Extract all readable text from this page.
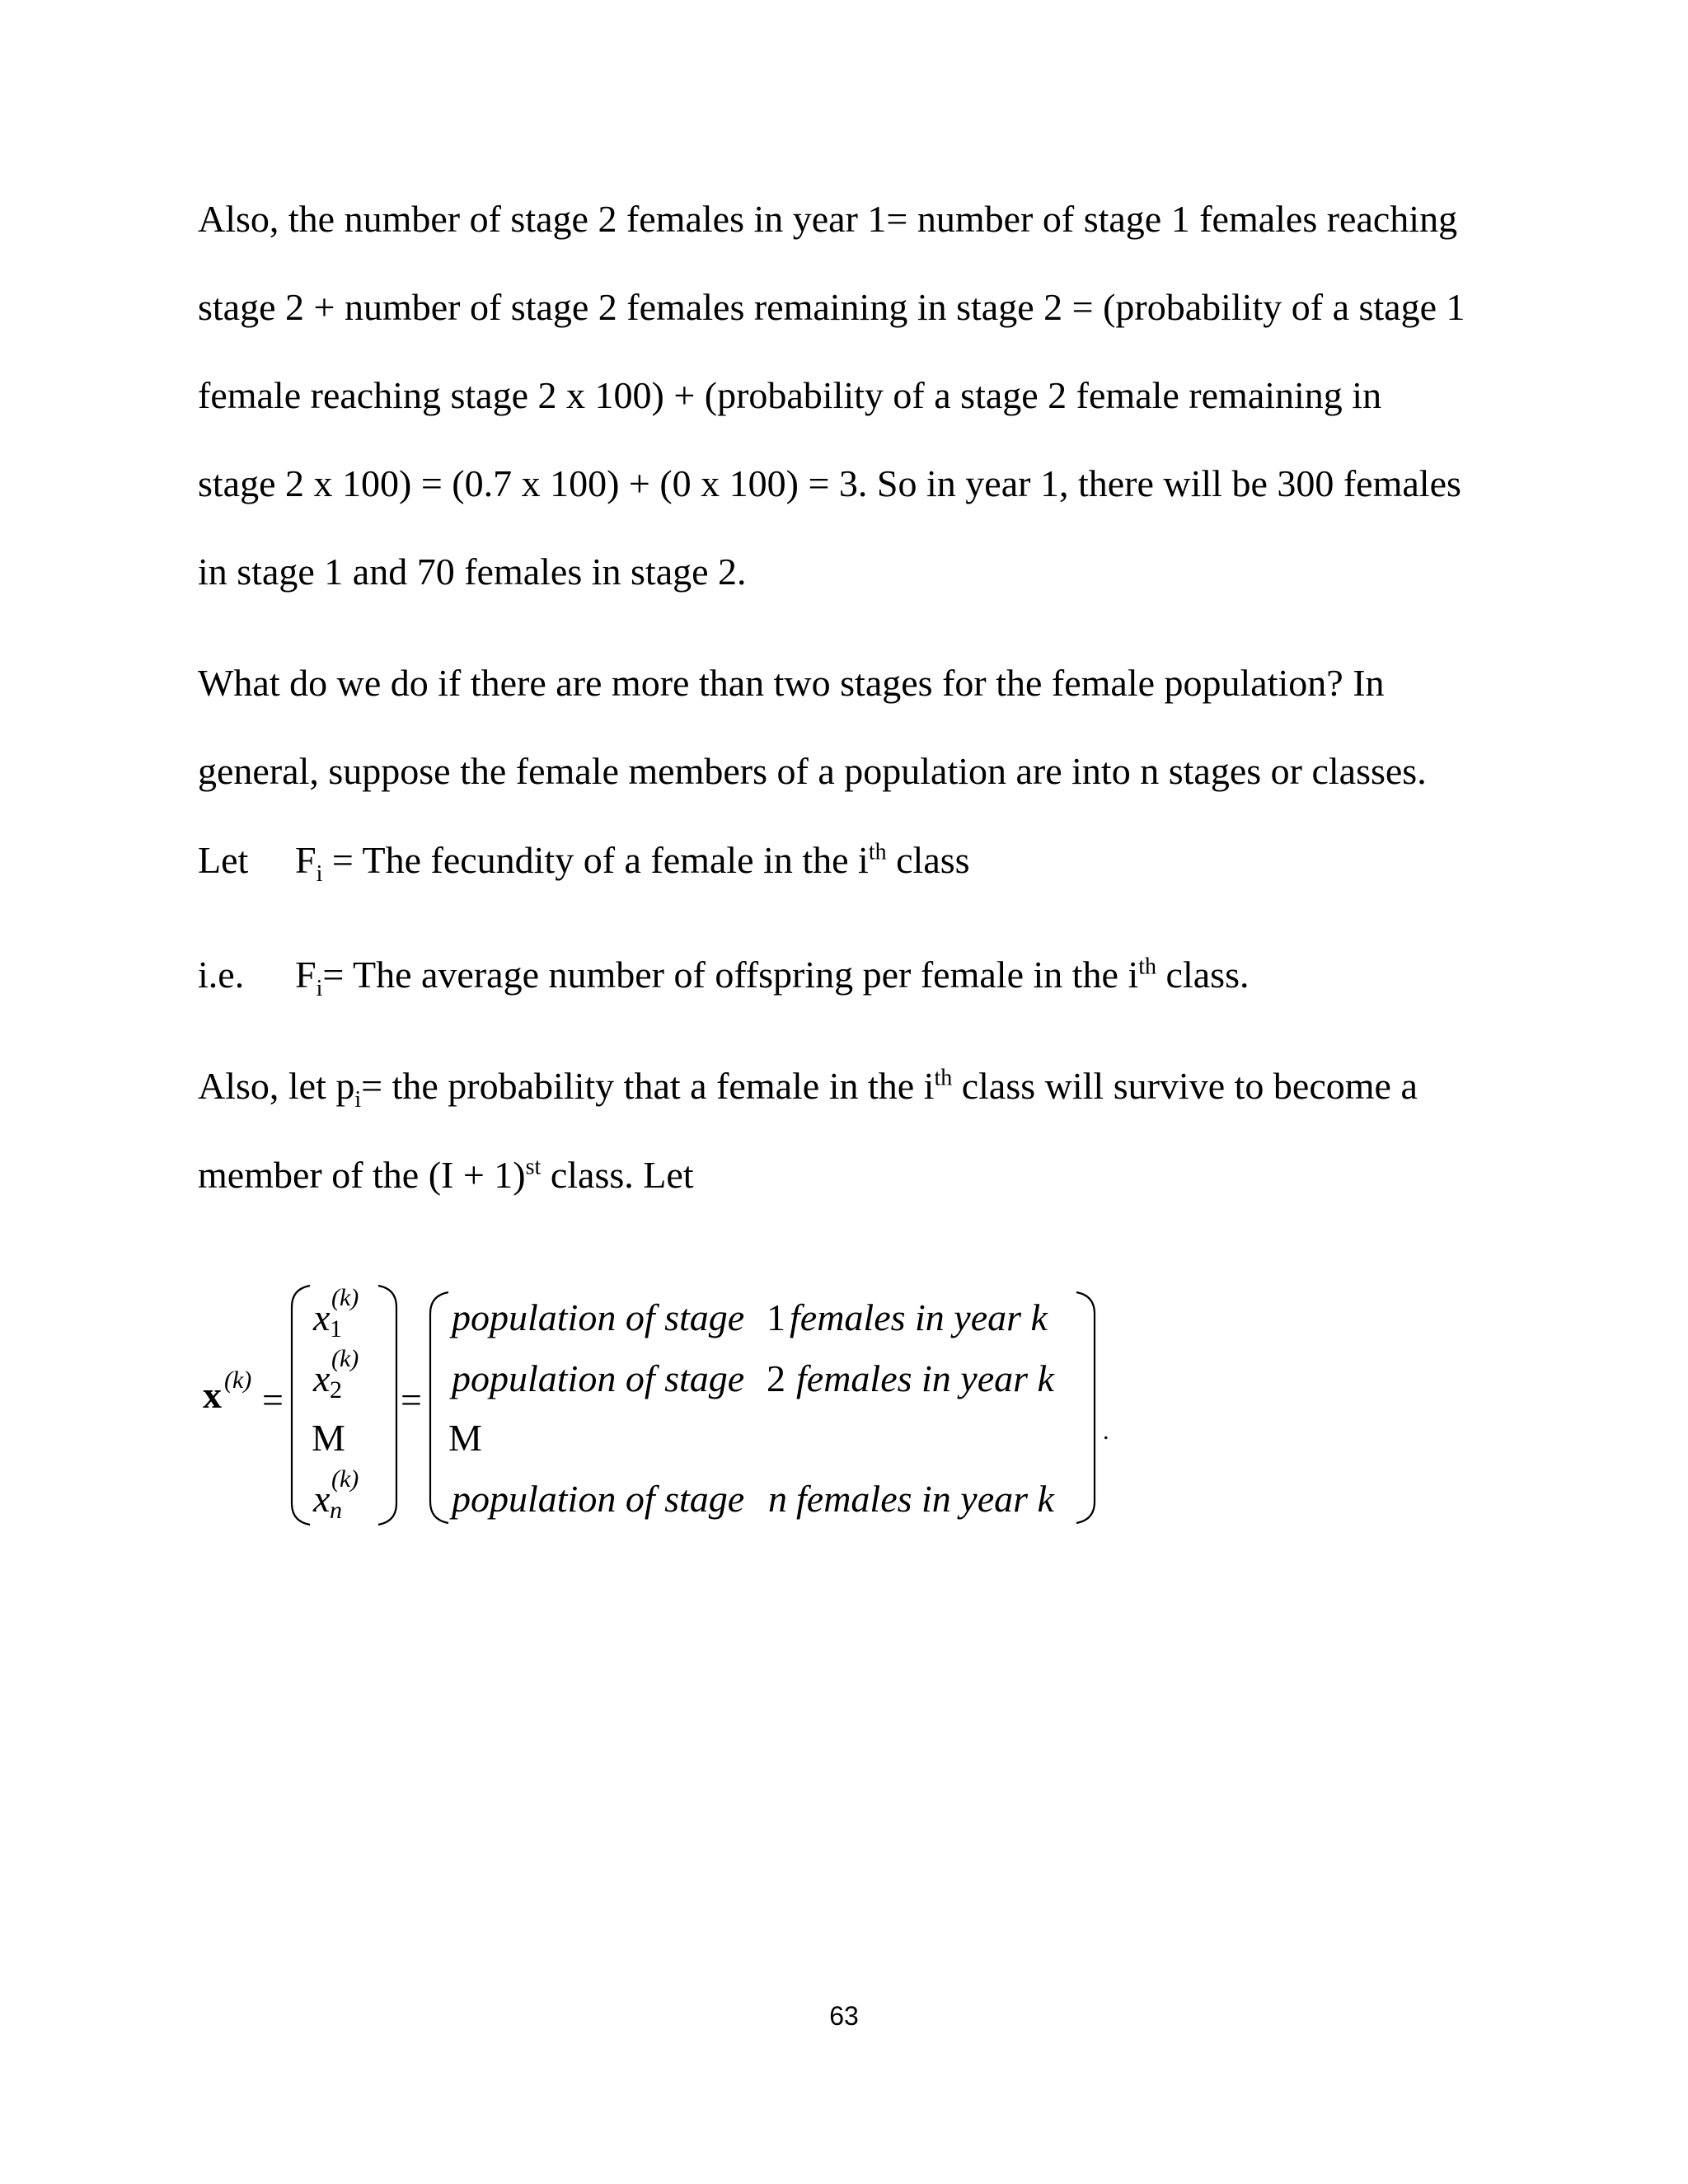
Also, the number of stage 2 females in year 1= number of stage 1 females reaching
stage 2 + number of stage 2 females remaining in stage 2 = (probability of a stage 1
female reaching stage 2 x 100) + (probability of a stage 2 female remaining in
stage 2 x 100) = (0.7 x 100) + (0 x 100) = 3. So in year 1, there will be 300 females
in stage 1 and 70 females in stage 2.
What do we do if there are more than two stages for the female population? In
general, suppose the female members of a population are into n stages or classes.
Let $F_i$ = The fecundity of a female in the $i^{th}$ class
i.e. $F_i=$ The average number of offspring per female in the $i^{th}$ class.
Also, let $p_i=$ the probability that a female in the $i^{th}$ class will survive to become a
member of the $(I + 1)^{st}$ class. Let
x (k) =
x (k)
1
x (k)
2
M
x (k)
n
=
population of stage 1 females in year k
population of stage 2 females in year k
M
population of stage n females in year k
.
63
